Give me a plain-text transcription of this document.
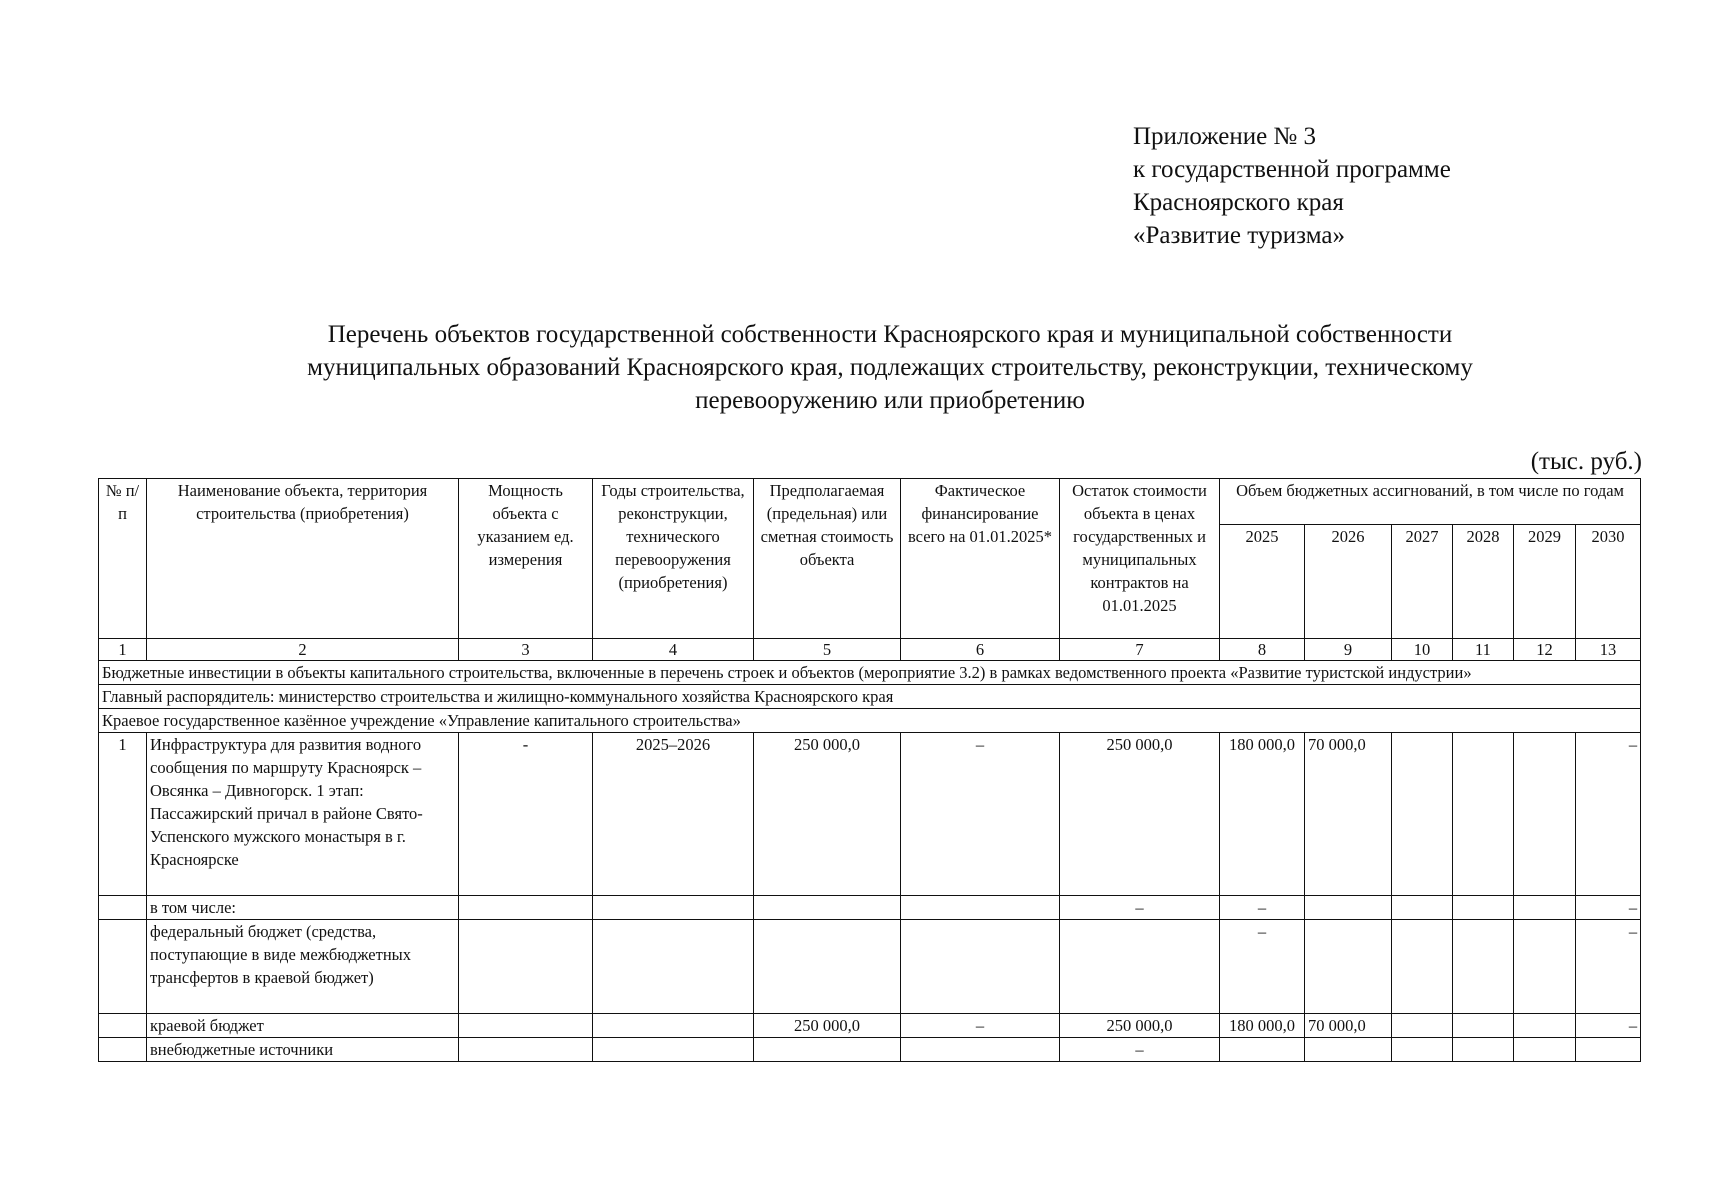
Приложение № 3
к государственной программе
Красноярского края
«Развитие туризма»
Перечень объектов государственной собственности Красноярского края и муниципальной собственности
муниципальных образований Красноярского края, подлежащих строительству, реконструкции, техническому
перевооружению или приобретению
(тыс. руб.)
№ п/п	Наименование объекта, территория строительства (приобретения)	Мощность объекта с указанием ед. измерения	Годы строительства, реконструкции, технического перевооружения (приобретения)	Предполагаемая (предельная) или сметная стоимость объекта	Фактическое финансирование всего на 01.01.2025*	Остаток стоимости объекта в ценах государственных и муниципальных контрактов на 01.01.2025	Объем бюджетных ассигнований, в том числе по годам					
							2025	2026	2027	2028	2029	2030
1	2	3	4	5	6	7	8	9	10	11	12	13
Бюджетные инвестиции в объекты капитального строительства, включенные в перечень строек и объектов (мероприятие 3.2) в рамках ведомственного проекта «Развитие туристской индустрии»												
Главный распорядитель: министерство строительства и жилищно-коммунального хозяйства Красноярского края												
Краевое государственное казённое учреждение «Управление капитального строительства»												
1	Инфраструктура для развития водного сообщения по маршруту Красноярск – Овсянка – Дивногорск. 1 этап: Пассажирский причал в районе Свято-Успенского мужского монастыря в г. Красноярске	-	2025–2026	250 000,0	–	250 000,0	180 000,0	70 000,0				–
	в том числе:					–	–					–
	федеральный бюджет (средства, поступающие в виде межбюджетных трансфертов в краевой бюджет)						–					–
	краевой бюджет			250 000,0	–	250 000,0	180 000,0	70 000,0				–
	внебюджетные источники					–						
